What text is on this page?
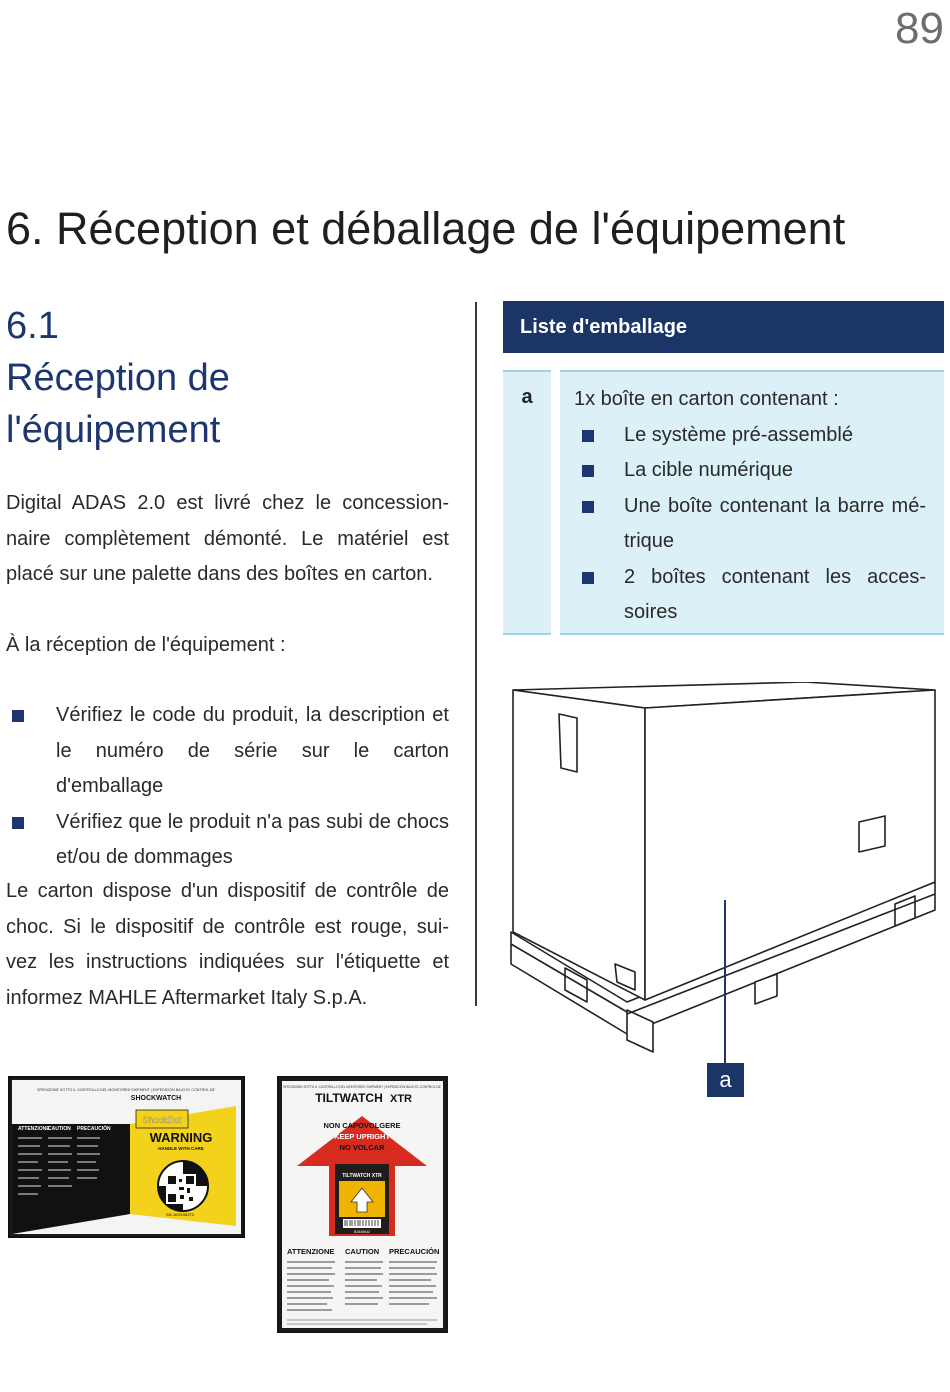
89
6. Réception et déballage de l'équipement
6.1
Réception de
l'équipement
Digital ADAS 2.0 est livré chez le concession-naire complètement démonté. Le matériel est placé sur une palette dans des boîtes en carton.
À la réception de l'équipement :
Vérifiez le code du produit, la description et le numéro de série sur le carton d'emballage
Vérifiez que le produit n'a pas subi de chocs et/ou de dommages
Le carton dispose d'un dispositif de contrôle de choc. Si le dispositif de contrôle est rouge, sui-vez les instructions indiquées sur l'étiquette et informez MAHLE Aftermarket Italy S.p.A.
Liste d'emballage
a	1x boîte en carton contenant :
Le système pré-assemblé
La cible numérique
Une boîte contenant la barre mé-trique
2 boîtes contenant les acces-soires
a
SPEDIZIONE SOTTO IL CONTROLLO DEL MONITORED SHIPMENT | EXPEDICIÓN BAJO EL CONTROL DE
SHOCKWATCH
ATTENZIONE
CAUTION PRECAUCIÓN
ShockDot
WARNING
HANDLE WITH CARE
SN: A02198273
SPEDIZIONE SOTTO IL CONTROLLO DEL MONITORED SHIPMENT | EXPEDICIÓN BAJO EL CONTROL DE
TILTWATCH XTR
NON CAPOVOLGERE
KEEP UPRIGHT
NO VOLCAR
TILTWATCH XTR
B1545642
ATTENZIONE CAUTION PRECAUCIÓN
